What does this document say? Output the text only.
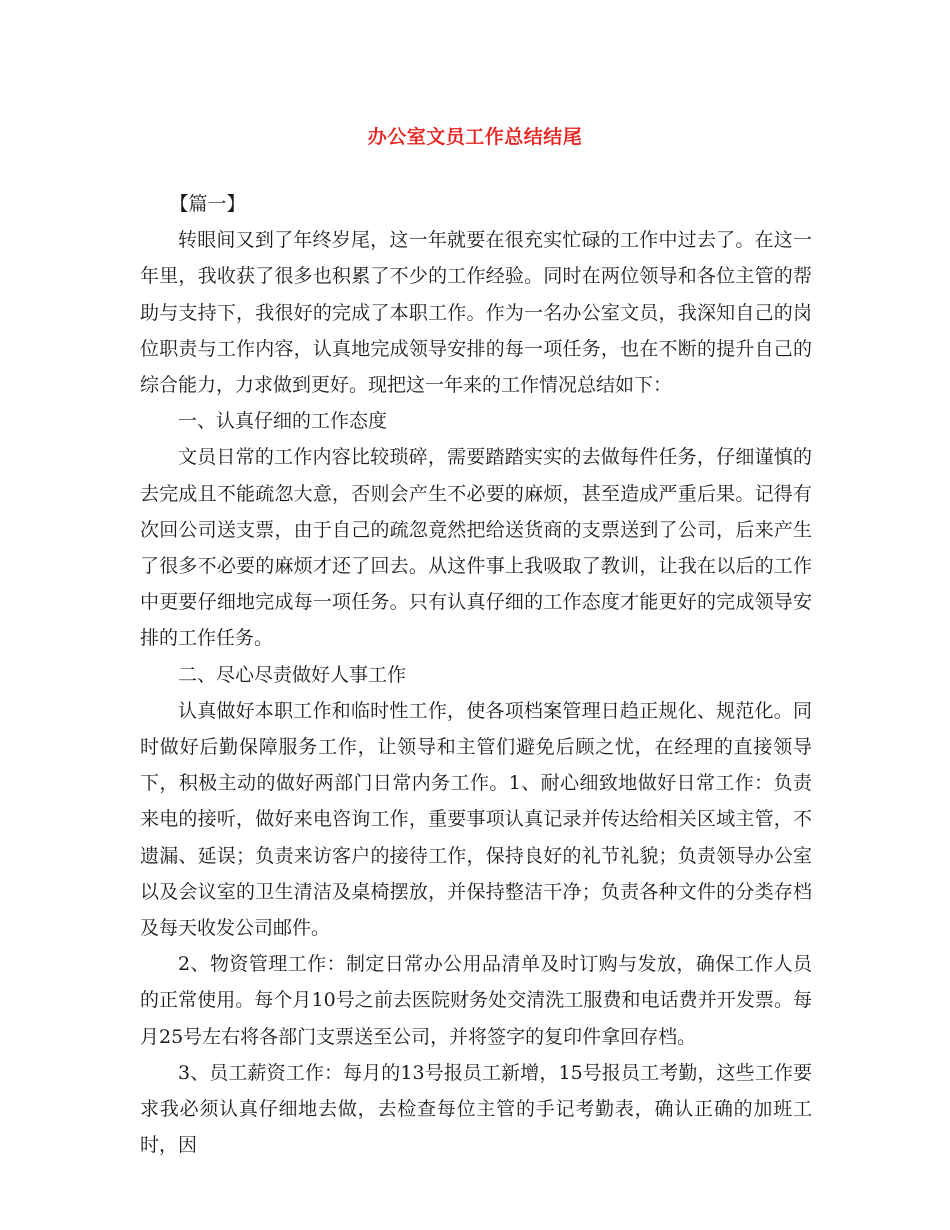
办公室文员工作总结结尾

【篇一】

转眼间又到了年终岁尾，这一年就要在很充实忙碌的工作中过去了。在这一年里，我收获了很多也积累了不少的工作经验。同时在两位领导和各位主管的帮助与支持下，我很好的完成了本职工作。作为一名办公室文员，我深知自己的岗位职责与工作内容，认真地完成领导安排的每一项任务，也在不断的提升自己的综合能力，力求做到更好。现把这一年来的工作情况总结如下：

一、认真仔细的工作态度

文员日常的工作内容比较琐碎，需要踏踏实实的去做每件任务，仔细谨慎的去完成且不能疏忽大意，否则会产生不必要的麻烦，甚至造成严重后果。记得有次回公司送支票，由于自己的疏忽竟然把给送货商的支票送到了公司，后来产生了很多不必要的麻烦才还了回去。从这件事上我吸取了教训，让我在以后的工作中更要仔细地完成每一项任务。只有认真仔细的工作态度才能更好的完成领导安排的工作任务。

二、尽心尽责做好人事工作

认真做好本职工作和临时性工作，使各项档案管理日趋正规化、规范化。同时做好后勤保障服务工作，让领导和主管们避免后顾之忧，在经理的直接领导下，积极主动的做好两部门日常内务工作。1、耐心细致地做好日常工作：负责来电的接听，做好来电咨询工作，重要事项认真记录并传达给相关区域主管，不遗漏、延误；负责来访客户的接待工作，保持良好的礼节礼貌；负责领导办公室以及会议室的卫生清洁及桌椅摆放，并保持整洁干净；负责各种文件的分类存档及每天收发公司邮件。

2、物资管理工作：制定日常办公用品清单及时订购与发放，确保工作人员的正常使用。每个月10号之前去医院财务处交清洗工服费和电话费并开发票。每月25号左右将各部门支票送至公司，并将签字的复印件拿回存档。

3、员工薪资工作：每月的13号报员工新增，15号报员工考勤，这些工作要求我必须认真仔细地去做，去检查每位主管的手记考勤表，确认正确的加班工时，因
